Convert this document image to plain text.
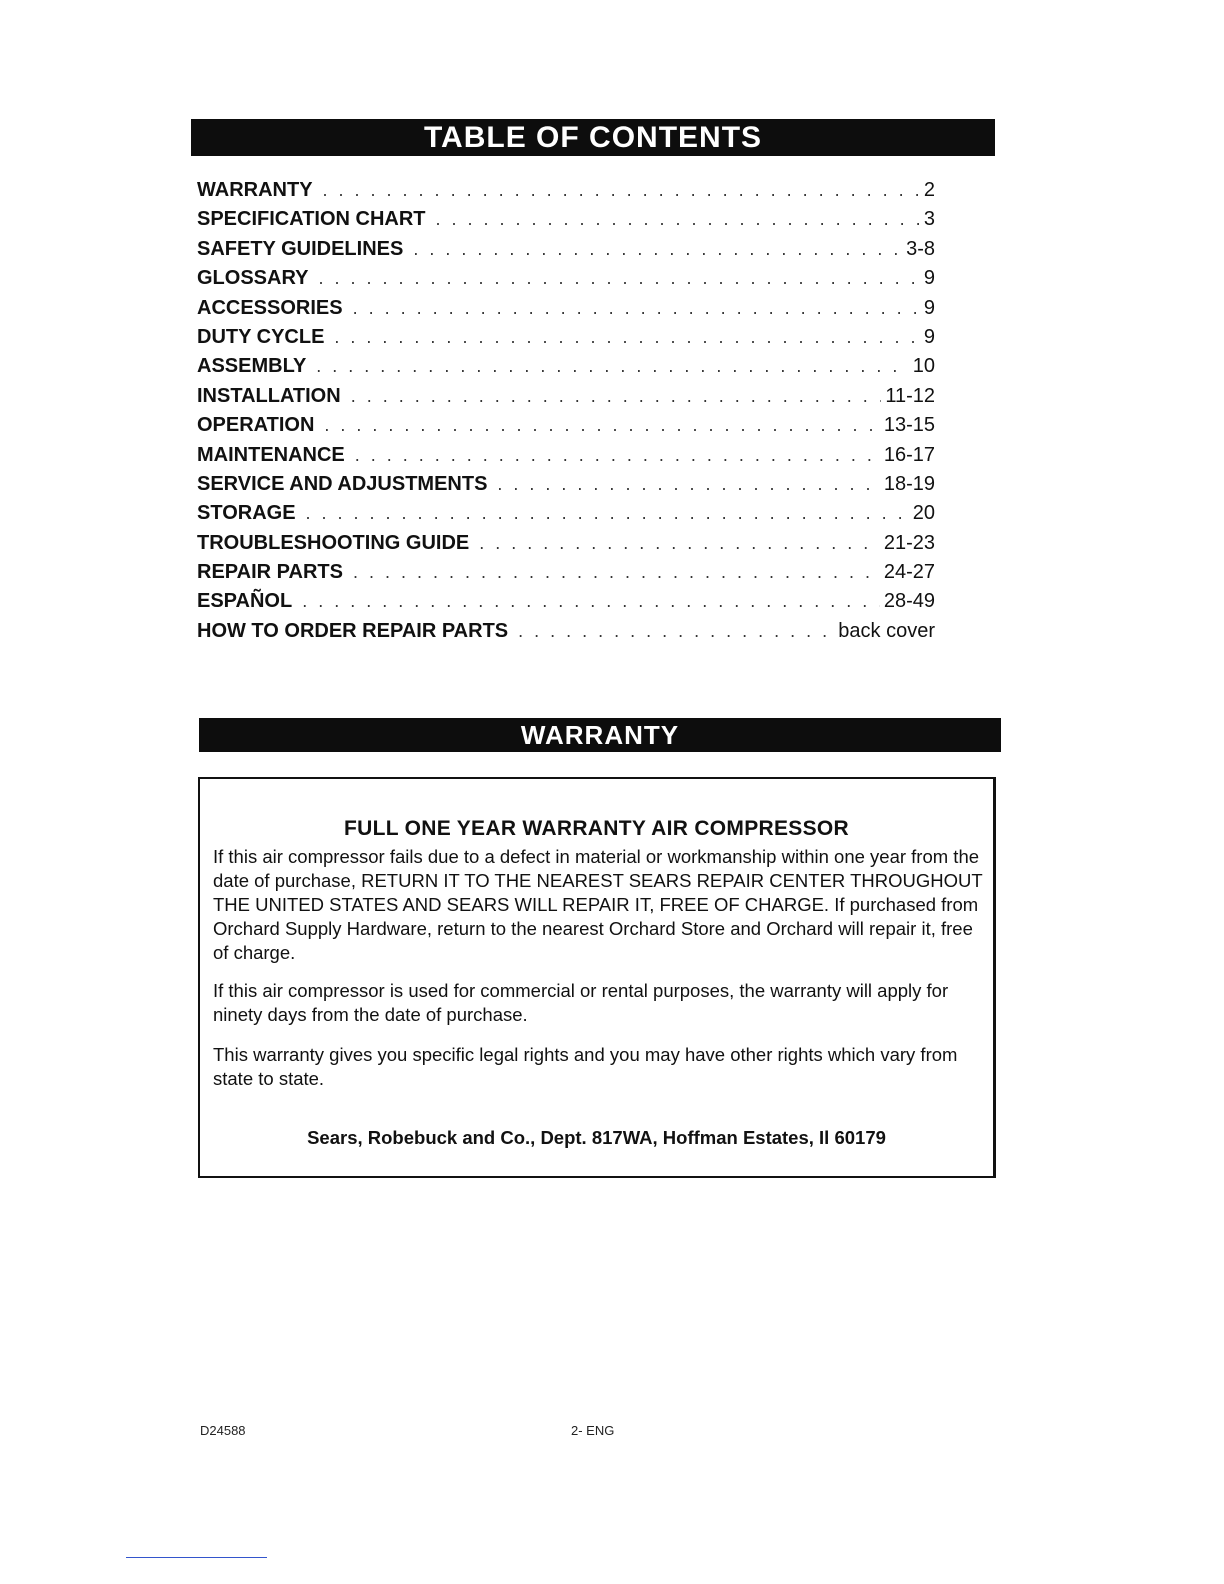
TABLE OF CONTENTS
WARRANTY . . .	2
SPECIFICATION CHART . . .	3
SAFETY GUIDELINES . . .	3-8
GLOSSARY . . .	9
ACCESSORIES . . .	9
DUTY CYCLE . . .	9
ASSEMBLY . . .	10
INSTALLATION . . .	11-12
OPERATION . . .	13-15
MAINTENANCE . . .	16-17
SERVICE AND ADJUSTMENTS . . .	18-19
STORAGE . . .	20
TROUBLESHOOTING GUIDE . . .	21-23
REPAIR PARTS . . .	24-27
ESPAÑOL . . .	28-49
HOW TO ORDER REPAIR PARTS . . .	back cover
WARRANTY
FULL ONE YEAR WARRANTY AIR COMPRESSOR

If this air compressor fails due to a defect in material or workmanship within one year from the date of purchase, RETURN IT TO THE NEAREST SEARS REPAIR CENTER THROUGHOUT THE UNITED STATES AND SEARS WILL REPAIR IT, FREE OF CHARGE. If purchased from Orchard Supply Hardware, return to the nearest Orchard Store and Orchard will repair it, free of charge.

If this air compressor is used for commercial or rental purposes, the warranty will apply for ninety days from the date of purchase.

This warranty gives you specific legal rights and you may have other rights which vary from state to state.

Sears, Robebuck and Co., Dept. 817WA, Hoffman Estates, Il 60179
D24588	2- ENG
